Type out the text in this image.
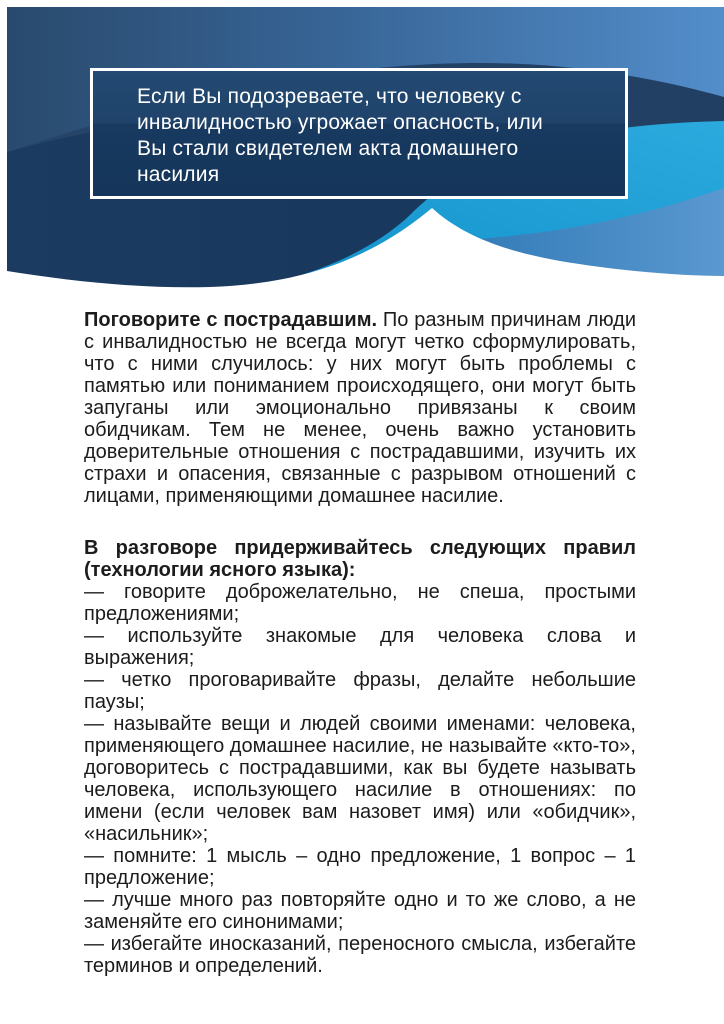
Если Вы подозреваете, что человеку с
инвалидностью угрожает опасность, или
Вы стали свидетелем акта домашнего
насилия

Поговорите с пострадавшим. По разным причинам люди с инвалидностью не всегда могут четко сформулировать, что с ними случилось: у них могут быть проблемы с памятью или пониманием происходящего, они могут быть запуганы или эмоционально привязаны к своим обидчикам. Тем не менее, очень важно установить доверительные отношения с пострадавшими, изучить их страхи и опасения, связанные с разрывом отношений с лицами, применяющими домашнее насилие.

В разговоре придерживайтесь следующих правил (технологии ясного языка):

— говорите доброжелательно, не спеша, простыми предложениями;

— используйте знакомые для человека слова и выражения;

— четко проговаривайте фразы, делайте небольшие паузы;

— называйте вещи и людей своими именами: человека, применяющего домашнее насилие, не называйте «кто-то», договоритесь с пострадавшими, как вы будете называть человека, использующего насилие в отношениях: по имени (если человек вам назовет имя) или «обидчик», «насильник»;

— помните: 1 мысль – одно предложение, 1 вопрос – 1 предложение;

— лучше много раз повторяйте одно и то же слово, а не заменяйте его синонимами;

— избегайте иносказаний, переносного смысла, избегайте терминов и определений.
